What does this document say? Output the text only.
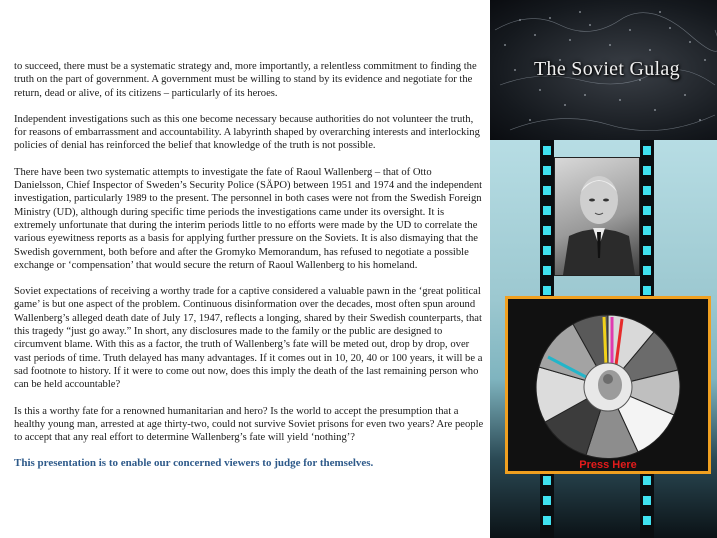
to succeed, there must be a systematic strategy and, more importantly, a relentless commitment to finding the truth on the part of government. A government must be willing to stand by its evidence and negotiate for the return, dead or alive, of its citizens – particularly of its heroes.

Independent investigations such as this one become necessary because authorities do not volunteer the truth, for reasons of embarrassment and accountability. A labyrinth shaped by overarching interests and interlocking policies of denial has reinforced the belief that knowledge of the truth is not possible.

There have been two systematic attempts to investigate the fate of Raoul Wallenberg – that of Otto Danielsson, Chief Inspector of Sweden’s Security Police (SÄPO) between 1951 and 1974 and the independent investigation, particularly 1989 to the present. The personnel in both cases were not from the Swedish Foreign Ministry (UD), although during specific time periods the investigations came under its oversight. It is extremely unfortunate that during the interim periods little to no efforts were made by the UD to correlate the various eyewitness reports as a basis for applying further pressure on the Soviets. It is also dismaying that the Swedish government, both before and after the Gromyko Memorandum, has refused to negotiate a possible exchange or ‘compensation’ that would secure the return of Raoul Wallenberg to his homeland.

Soviet expectations of receiving a worthy trade for a captive considered a valuable pawn in the ‘great political game’ is but one aspect of the problem. Continuous disinformation over the decades, most often spun around Wallenberg’s alleged death date of July 17, 1947, reflects a longing, shared by their Swedish counterparts, that this tragedy “just go away.” In short, any disclosures made to the family or the public are designed to circumvent blame. With this as a factor, the truth of Wallenberg’s fate will be meted out, drop by drop, over vast periods of time. Truth delayed has many advantages. If it comes out in 10, 20, 40 or 100 years, it will be a sad footnote to history. If it were to come out now, does this imply the death of the last remaining person who can be held accountable?

Is this a worthy fate for a renowned humanitarian and hero? Is the world to accept the presumption that a healthy young man, arrested at age thirty-two, could not survive Soviet prisons for even two years? Are people to accept that any real effort to determine Wallenberg’s fate will yield ‘nothing’?

This presentation is to enable our concerned viewers to judge for themselves.

The Soviet Gulag
Press Here
